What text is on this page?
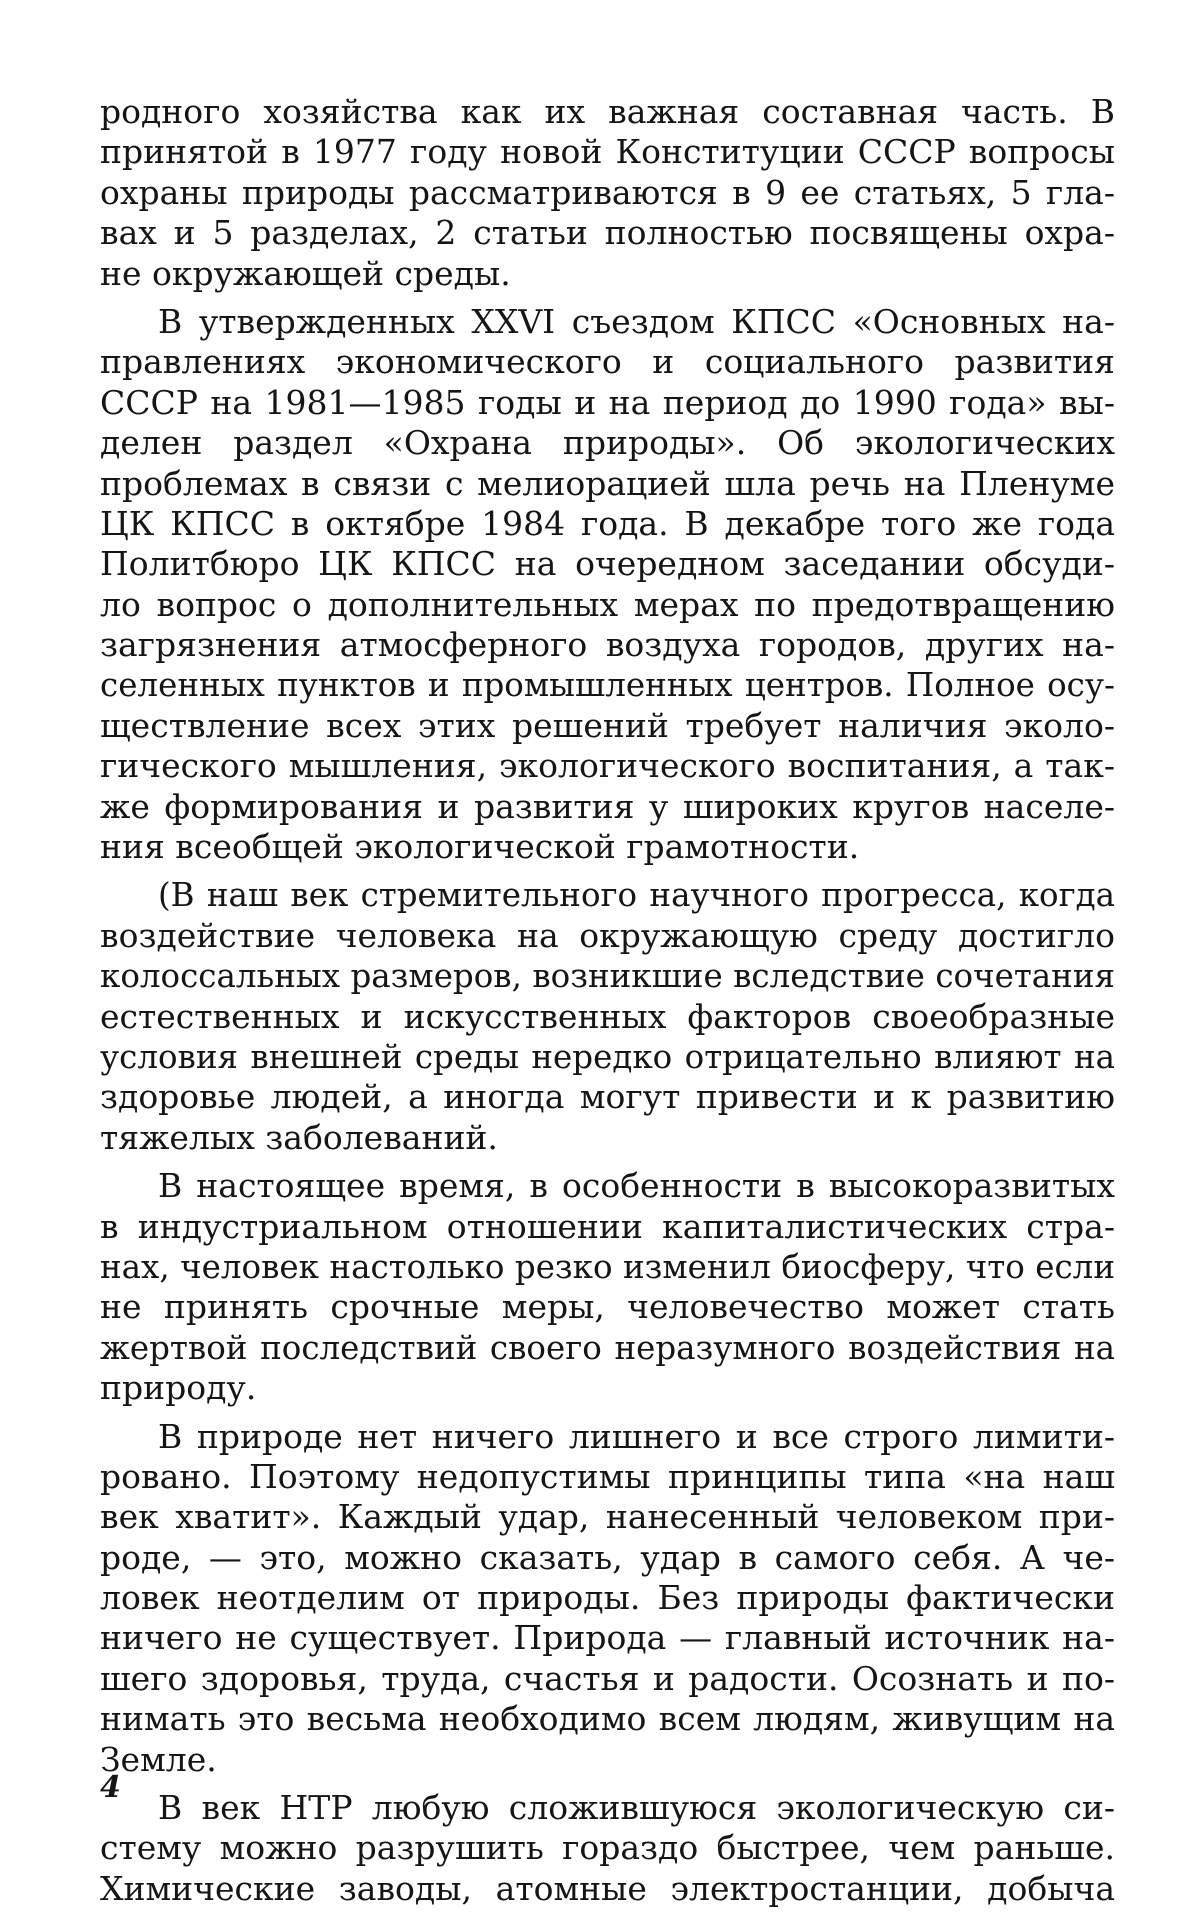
родного хозяйства как их важная составная часть. В
принятой в 1977 году новой Конституции СССР вопросы
охраны природы рассматриваются в 9 ее статьях, 5 гла-
вах и 5 разделах, 2 статьи полностью посвящены охра-
не окружающей среды.
В утвержденных XXVI съездом КПСС «Основных на-
правлениях экономического и социального развития
СССР на 1981—1985 годы и на период до 1990 года» вы-
делен раздел «Охрана природы». Об экологических
проблемах в связи с мелиорацией шла речь на Пленуме
ЦК КПСС в октябре 1984 года. В декабре того же года
Политбюро ЦК КПСС на очередном заседании обсуди-
ло вопрос о дополнительных мерах по предотвращению
загрязнения атмосферного воздуха городов, других на-
селенных пунктов и промышленных центров. Полное осу-
ществление всех этих решений требует наличия эколо-
гического мышления, экологического воспитания, а так-
же формирования и развития у широких кругов населе-
ния всеобщей экологической грамотности.
(В наш век стремительного научного прогресса, когда
воздействие человека на окружающую среду достигло
колоссальных размеров, возникшие вследствие сочетания
естественных и искусственных факторов своеобразные
условия внешней среды нередко отрицательно влияют на
здоровье людей, а иногда могут привести и к развитию
тяжелых заболеваний.
В настоящее время, в особенности в высокоразвитых
в индустриальном отношении капиталистических стра-
нах, человек настолько резко изменил биосферу, что если
не принять срочные меры, человечество может стать
жертвой последствий своего неразумного воздействия на
природу.
В природе нет ничего лишнего и все строго лимити-
ровано. Поэтому недопустимы принципы типа «на наш
век хватит». Каждый удар, нанесенный человеком при-
роде, — это, можно сказать, удар в самого себя. А че-
ловек неотделим от природы. Без природы фактически
ничего не существует. Природа — главный источник на-
шего здоровья, труда, счастья и радости. Осознать и по-
нимать это весьма необходимо всем людям, живущим на
Земле.
В век НТР любую сложившуюся экологическую си-
стему можно разрушить гораздо быстрее, чем раньше.
Химические заводы, атомные электростанции, добыча
4
